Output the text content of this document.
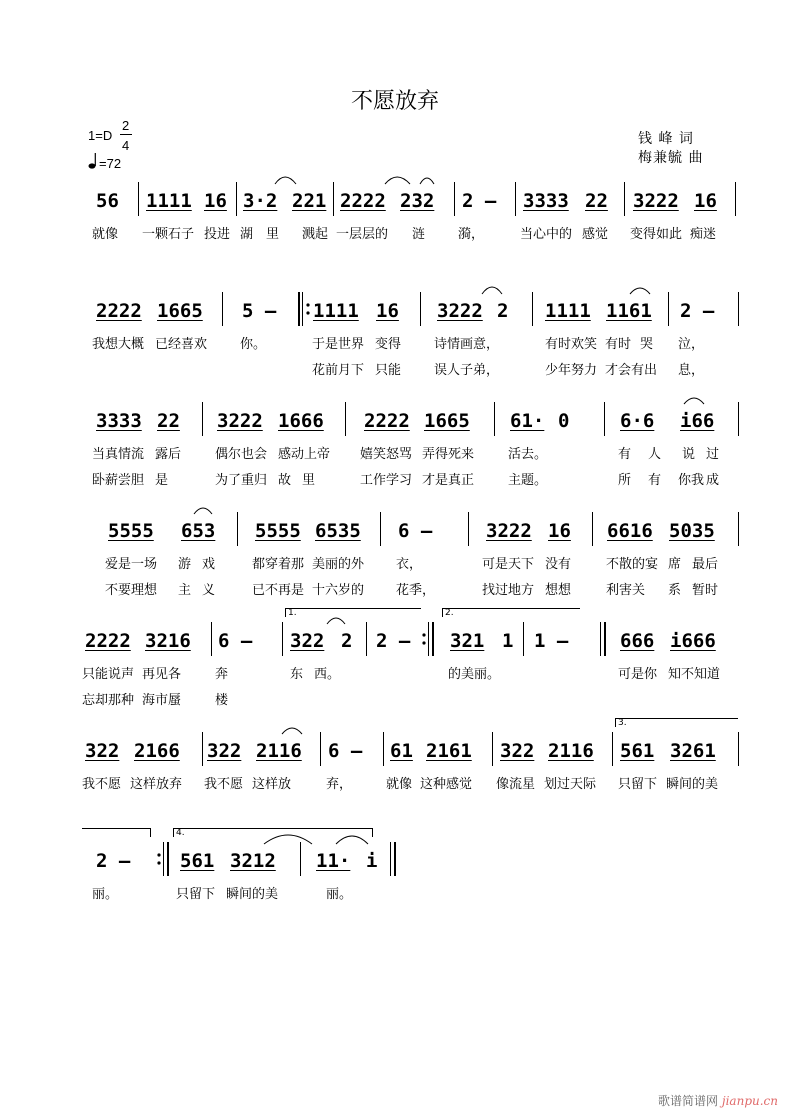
不愿放弃
1=D
2
4
=72
钱 峰 词
梅兼毓 曲
56 1111 16 3·2 221 2222 232 2 – 3333 22 3222 16
就像 一颗石子 投进 湖 里 溅起 一层层的 涟	漪，	当心中的 感觉 变得如此 痴迷
2222 1665 5 – 1111 16 3222 2 1111 1161 2 –
我想大概 已经喜欢	你。	于是世界 变得	诗情画意，	有时欢笑 有时 哭 泣，
花前月下 只能	误人子弟，	少年努力 才会有出 息，
3333 22 3222 1666 2222 1665 61· 0	6·6 i66
当真情流 露后	偶尔也会 感动上帝 嬉笑怒骂 弄得死来	活去。	有 人 说 过
卧薪尝胆 是	为了重归 故 里	工作学习 才是真正	主题。	所 有 你我 成
5555 653 5555 6535 6 –	3222 16 6616 5035
爱是一场 游 戏	都穿着那 美丽的外 衣，	可是天下 没有	不散的宴 席 最后
不要理想 主 义	已不再是 十六岁的 花季，	找过地方 想想	利害关 系 暂时
1.	2.
2222 3216 6 – 322 2 2 – 321 1 1 –	666 i666
只能说声 再见各	奔	东 西。	的美丽。	可是你 知不知道
忘却那种 海市蜃	楼
3.
322 2166 322 2116 6 – 61 2161 322 2116 561 3261
我不愿 这样放弃 我不愿 这样放	弃，	就像 这种感觉 像流星 划过天际 只留下 瞬间的美
4.
2 –	561 3212 11· i
丽。	只留下 瞬间的美	丽。
歌谱简谱网 jianpu.cn
